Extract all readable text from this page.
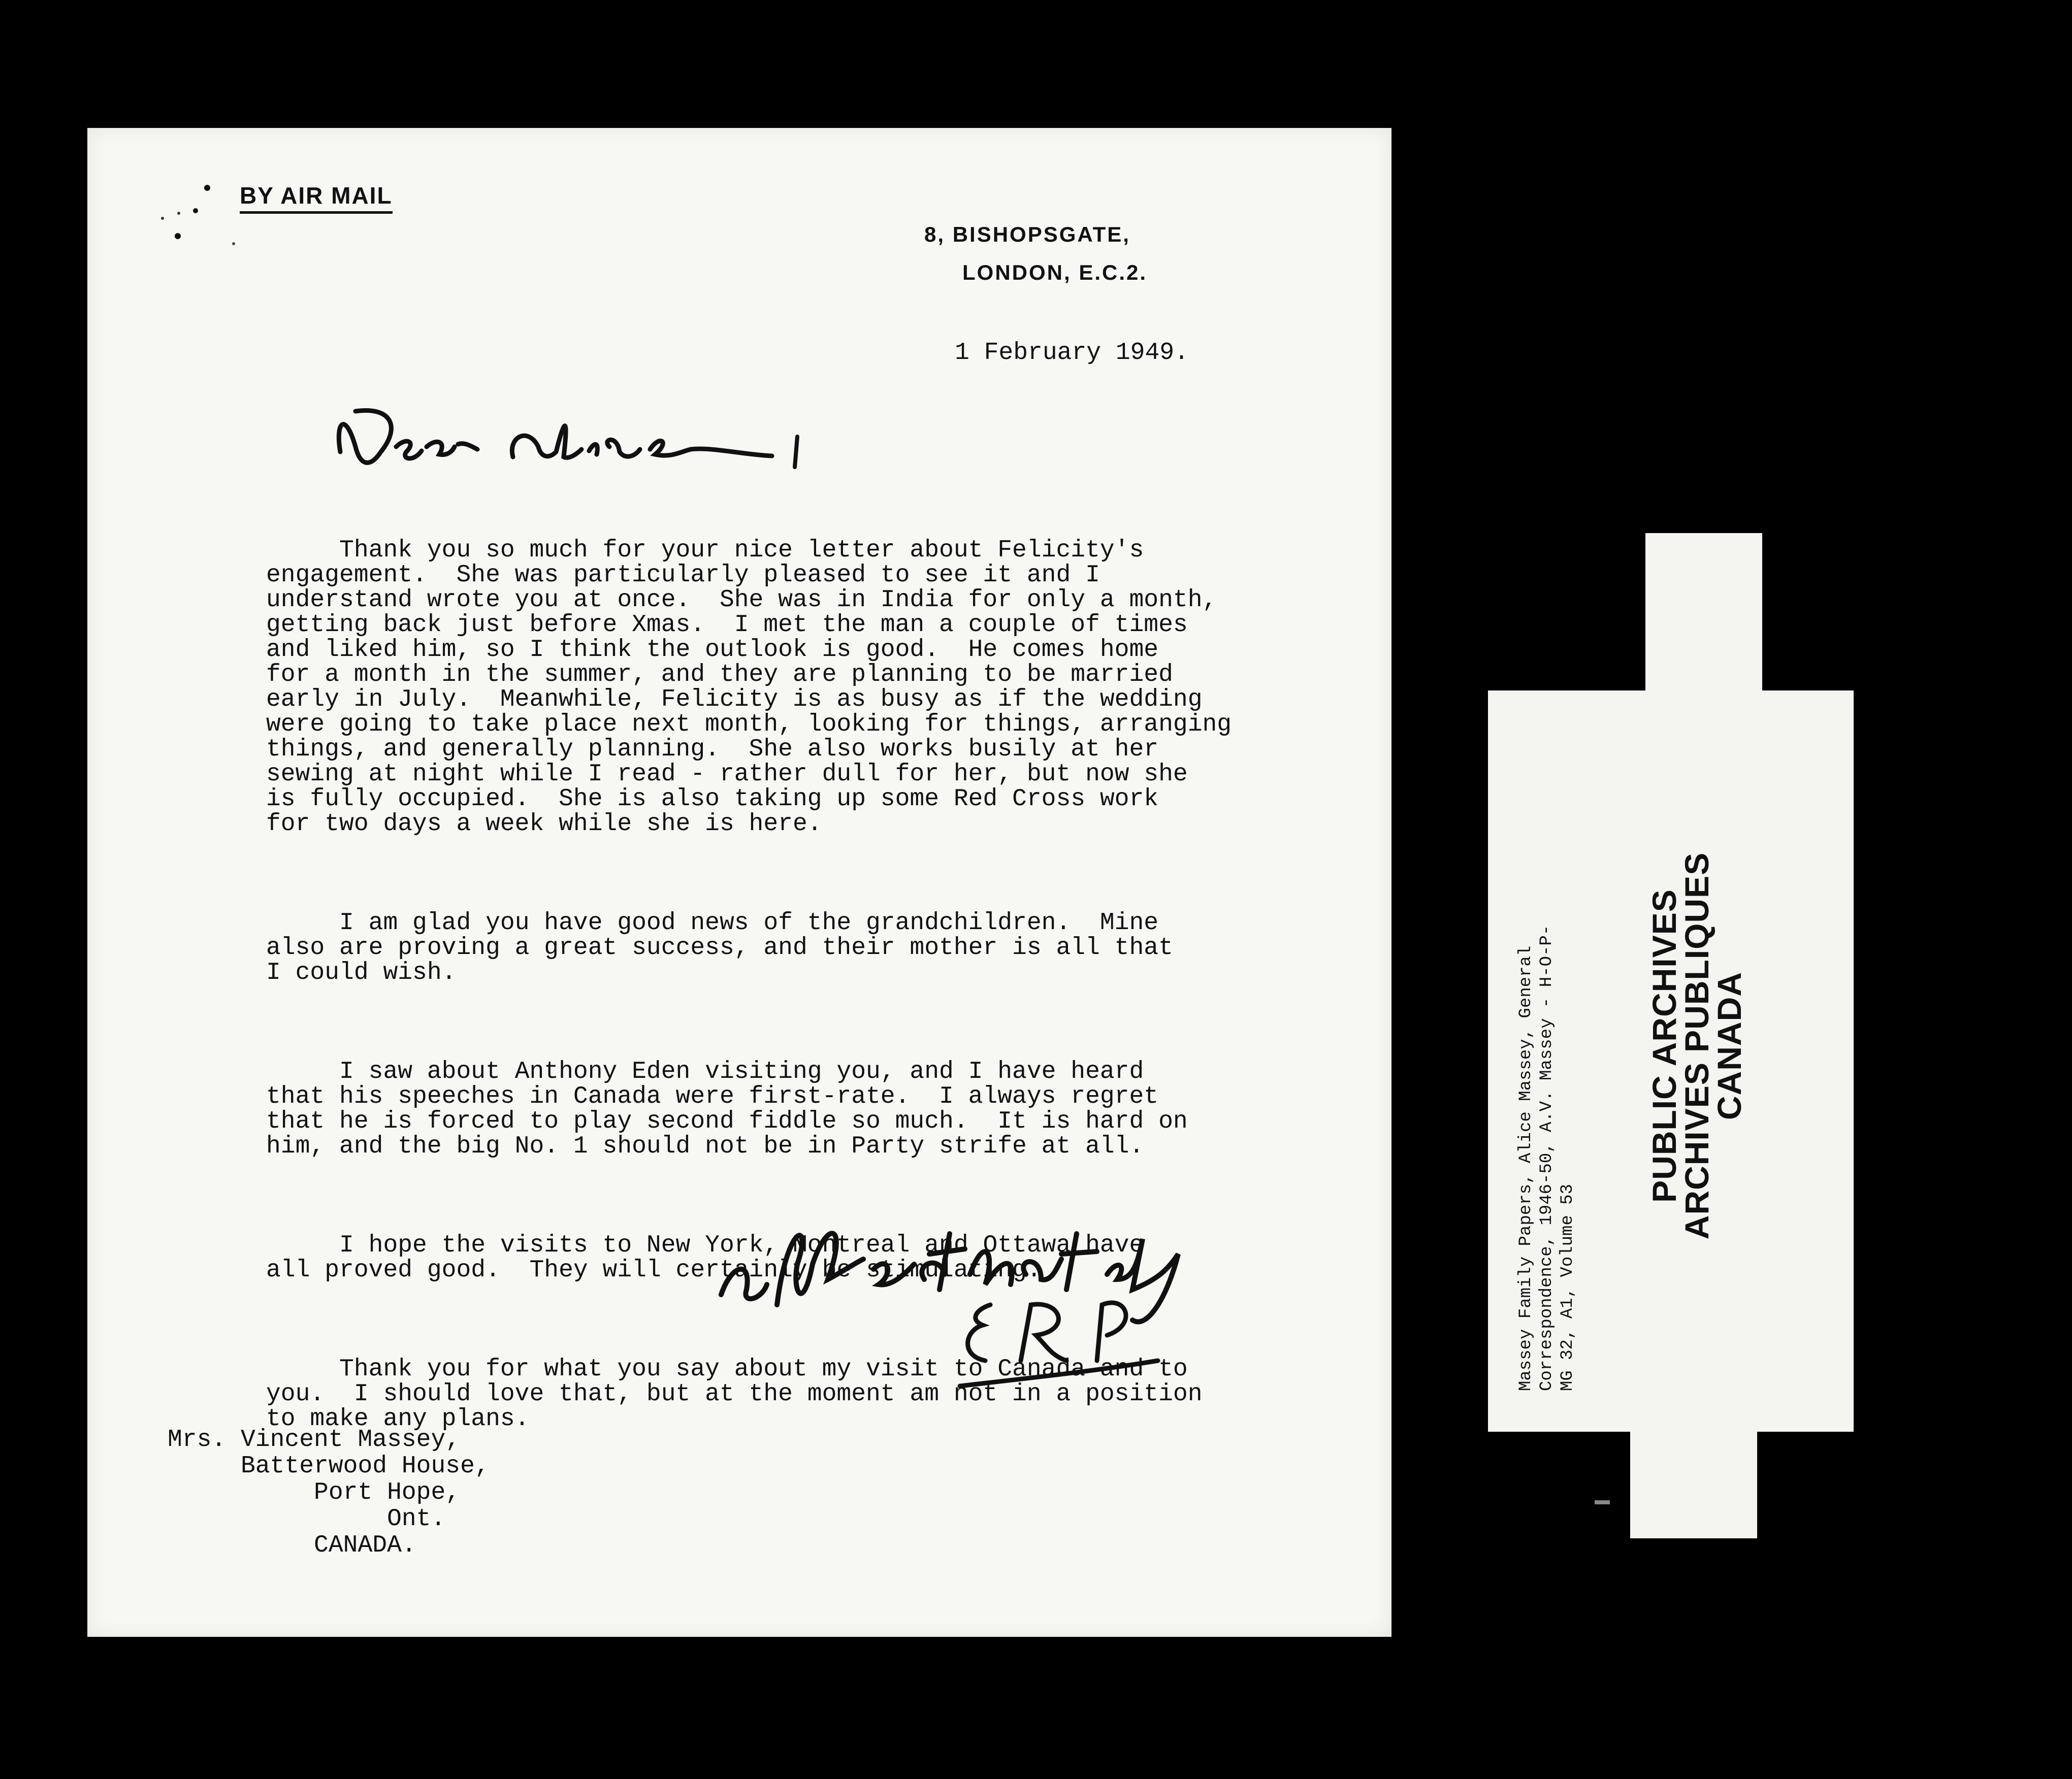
BY AIR MAIL
8, BISHOPSGATE,
LONDON, E.C.2.
1 February 1949.

Thank you so much for your nice letter about Felicity's
engagement.  She was particularly pleased to see it and I
understand wrote you at once.  She was in India for only a month,
getting back just before Xmas.  I met the man a couple of times
and liked him, so I think the outlook is good.  He comes home
for a month in the summer, and they are planning to be married
early in July.  Meanwhile, Felicity is as busy as if the wedding
were going to take place next month, looking for things, arranging
things, and generally planning.  She also works busily at her
sewing at night while I read - rather dull for her, but now she
is fully occupied.  She is also taking up some Red Cross work
for two days a week while she is here.

I am glad you have good news of the grandchildren.  Mine
also are proving a great success, and their mother is all that
I could wish.

I saw about Anthony Eden visiting you, and I have heard
that his speeches in Canada were first-rate.  I always regret
that he is forced to play second fiddle so much.  It is hard on
him, and the big No. 1 should not be in Party strife at all.

I hope the visits to New York, Montreal and Ottawa have
all proved good.  They will certainly be stimulating.

Thank you for what you say about my visit to Canada and to
you.  I should love that, but at the moment am not in a position
to make any plans.

Mrs. Vincent Massey,
Batterwood House,
Port Hope,
Ont.
CANADA.
Massey Family Papers, Alice Massey, General Correspondence, 1946-50, A.V. Massey - H-O-P- MG 32, A1, Volume 53
PUBLIC ARCHIVES
ARCHIVES PUBLIQUES
CANADA
